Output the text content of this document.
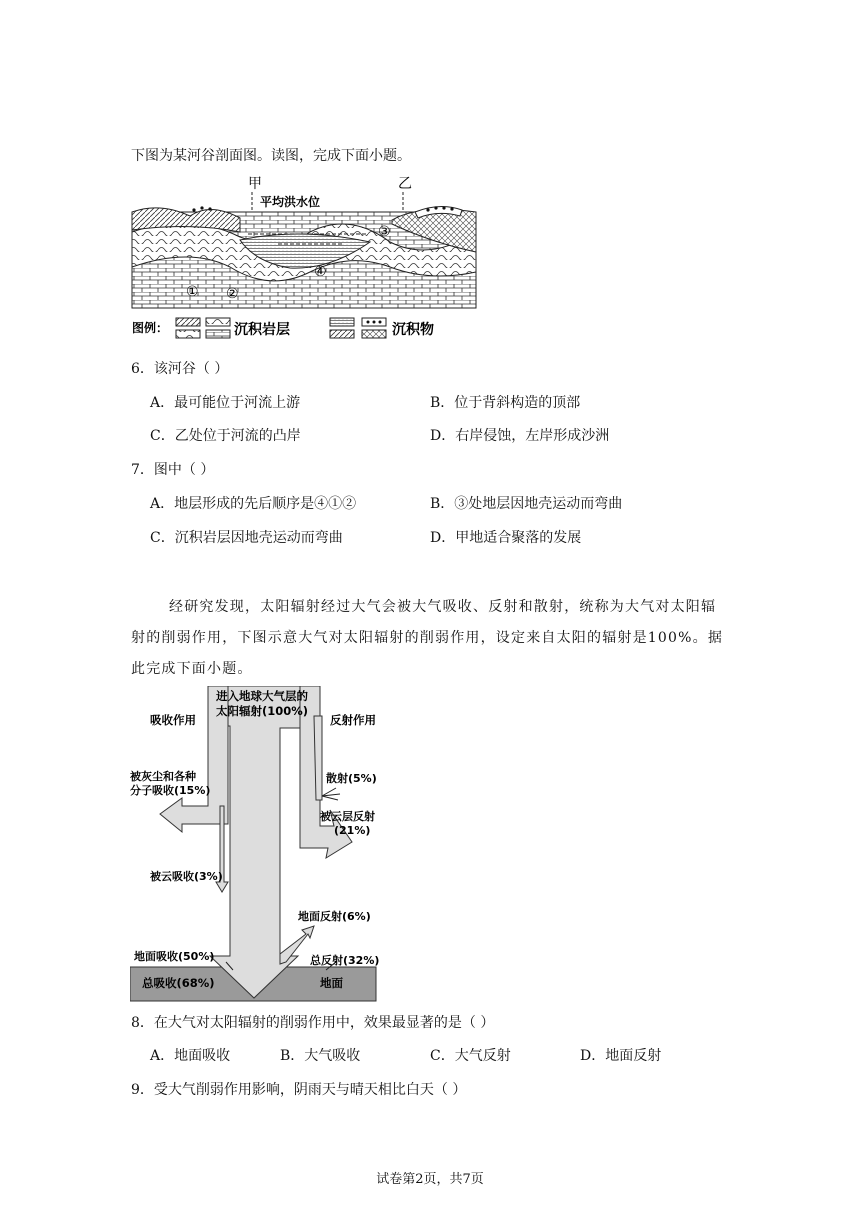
下图为某河谷剖面图。读图，完成下面小题。
甲	乙
平均洪水位
① ②
③
④
图例：	沉积岩层	沉积物
6．该河谷（ ）
A．最可能位于河流上游	B．位于背斜构造的顶部
C．乙处位于河流的凸岸	D．右岸侵蚀，左岸形成沙洲
7．图中（ ）
A．地层形成的先后顺序是④①②	B．③处地层因地壳运动而弯曲
C．沉积岩层因地壳运动而弯曲	D．甲地适合聚落的发展
经研究发现，太阳辐射经过大气会被大气吸收、反射和散射，统称为大气对太阳辐射的削弱作用，下图示意大气对太阳辐射的削弱作用，设定来自太阳的辐射是100%。据此完成下面小题。
进入地球大气层的
太阳辐射(100%)
吸收作用	反射作用
被灰尘和各种
分子吸收(15%)
散射(5%)
被云层反射
(21%)
被云吸收(3%)
地面反射(6%)
地面吸收(50%)	总反射(32%)
总吸收(68%)	地面
8．在大气对太阳辐射的削弱作用中，效果最显著的是（ ）
A．地面吸收	B．大气吸收	C．大气反射	D．地面反射
9．受大气削弱作用影响，阴雨天与晴天相比白天（ ）
试卷第2页，共7页
